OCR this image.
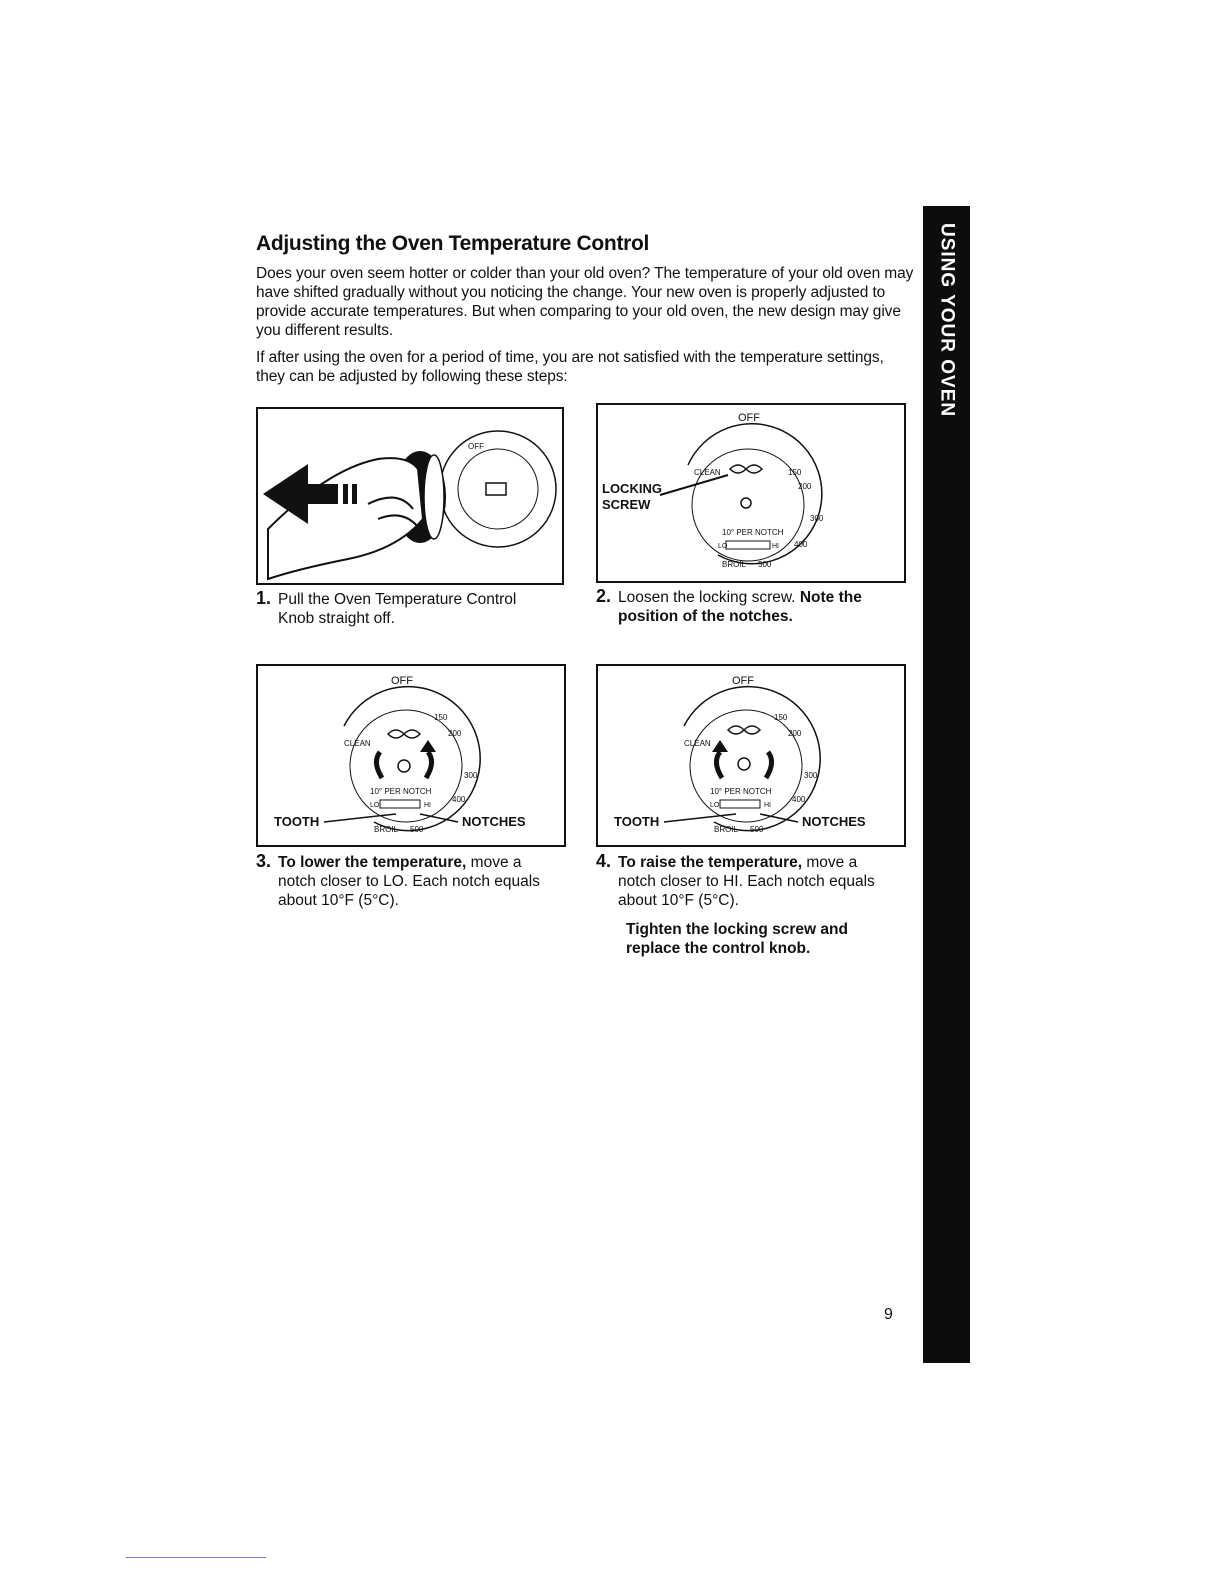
Adjusting the Oven Temperature Control

Does your oven seem hotter or colder than your old oven? The temperature of your old oven may have shifted gradually without you noticing the change. Your new oven is properly adjusted to provide accurate temperatures. But when comparing to your old oven, the new design may give you different results.

If after using the oven for a period of time, you are not satisfied with the temperature settings, they can be adjusted by following these steps:	USING YOUR OVEN
OFF
OFF
CLEAN	150
200
300
400
10° PER NOTCH
LO	HI
BROIL 500
LOCKING
SCREW
OFF
CLEAN
150
200
300
400
10° PER NOTCH
LO	HI
BROIL 500
TOOTH	NOTCHES
OFF
CLEAN
150
200
300
400
10° PER NOTCH
LO	HI
BROIL 500
TOOTH	NOTCHES
1. Pull the Oven Temperature Control Knob straight off.
2. Loosen the locking screw. Note the position of the notches.
3. To lower the temperature, move a notch closer to LO. Each notch equals about 10°F (5°C).
4. To raise the temperature, move a notch closer to HI. Each notch equals about 10°F (5°C).
Tighten the locking screw and replace the control knob.
9
